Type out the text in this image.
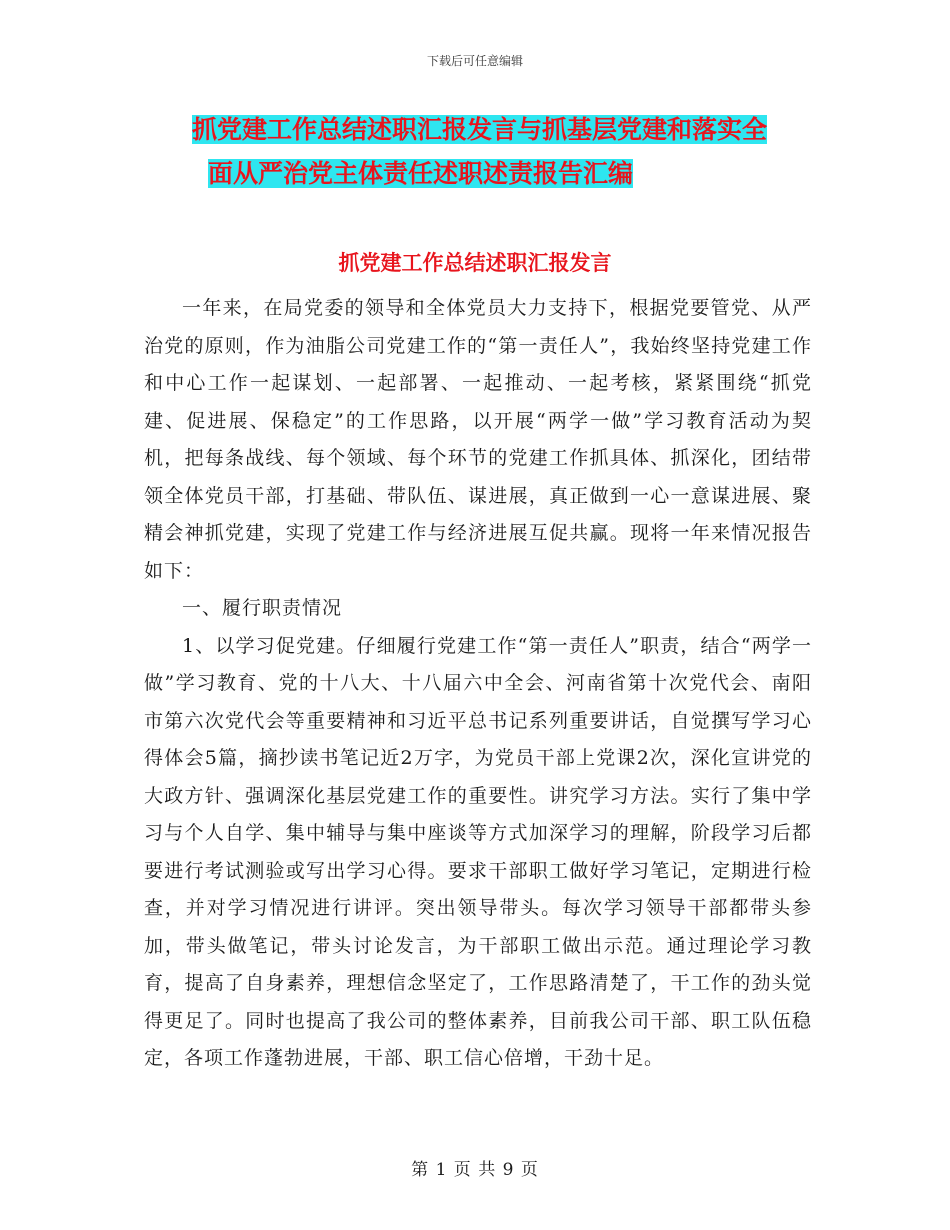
下载后可任意编辑
抓党建工作总结述职汇报发言与抓基层党建和落实全
面从严治党主体责任述职述责报告汇编
抓党建工作总结述职汇报发言

一年来，在局党委的领导和全体党员大力支持下，根据党要管党、从严治党的原则，作为油脂公司党建工作的“第一责任人”，我始终坚持党建工作和中心工作一起谋划、一起部署、一起推动、一起考核，紧紧围绕“抓党建、促进展、保稳定”的工作思路，以开展“两学一做”学习教育活动为契机，把每条战线、每个领域、每个环节的党建工作抓具体、抓深化，团结带领全体党员干部，打基础、带队伍、谋进展，真正做到一心一意谋进展、聚精会神抓党建，实现了党建工作与经济进展互促共赢。现将一年来情况报告如下：

一、履行职责情况

1、以学习促党建。仔细履行党建工作“第一责任人”职责，结合“两学一做”学习教育、党的十八大、十八届六中全会、河南省第十次党代会、南阳市第六次党代会等重要精神和习近平总书记系列重要讲话，自觉撰写学习心得体会5篇，摘抄读书笔记近2万字，为党员干部上党课2次，深化宣讲党的大政方针、强调深化基层党建工作的重要性。讲究学习方法。实行了集中学习与个人自学、集中辅导与集中座谈等方式加深学习的理解，阶段学习后都要进行考试测验或写出学习心得。要求干部职工做好学习笔记，定期进行检查，并对学习情况进行讲评。突出领导带头。每次学习领导干部都带头参加，带头做笔记，带头讨论发言，为干部职工做出示范。通过理论学习教育，提高了自身素养，理想信念坚定了，工作思路清楚了，干工作的劲头觉得更足了。同时也提高了我公司的整体素养，目前我公司干部、职工队伍稳定，各项工作蓬勃进展，干部、职工信心倍增，干劲十足。

第 1 页 共 9 页
